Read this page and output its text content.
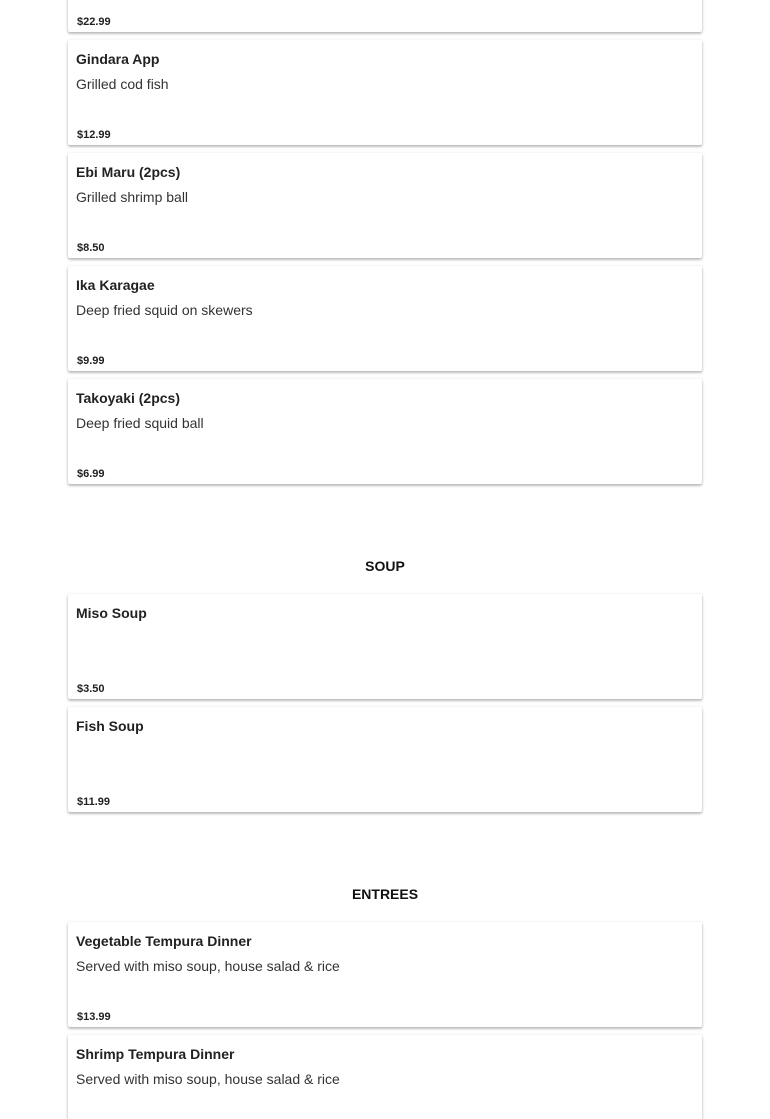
$22.99
Gindara App
Grilled cod fish
$12.99
Ebi Maru (2pcs)
Grilled shrimp ball
$8.50
Ika Karagae
Deep fried squid on skewers
$9.99
Takoyaki (2pcs)
Deep fried squid ball
$6.99
SOUP
Miso Soup
$3.50
Fish Soup
$11.99
ENTREES
Vegetable Tempura Dinner
Served with miso soup, house salad & rice
$13.99
Shrimp Tempura Dinner
Served with miso soup, house salad & rice
